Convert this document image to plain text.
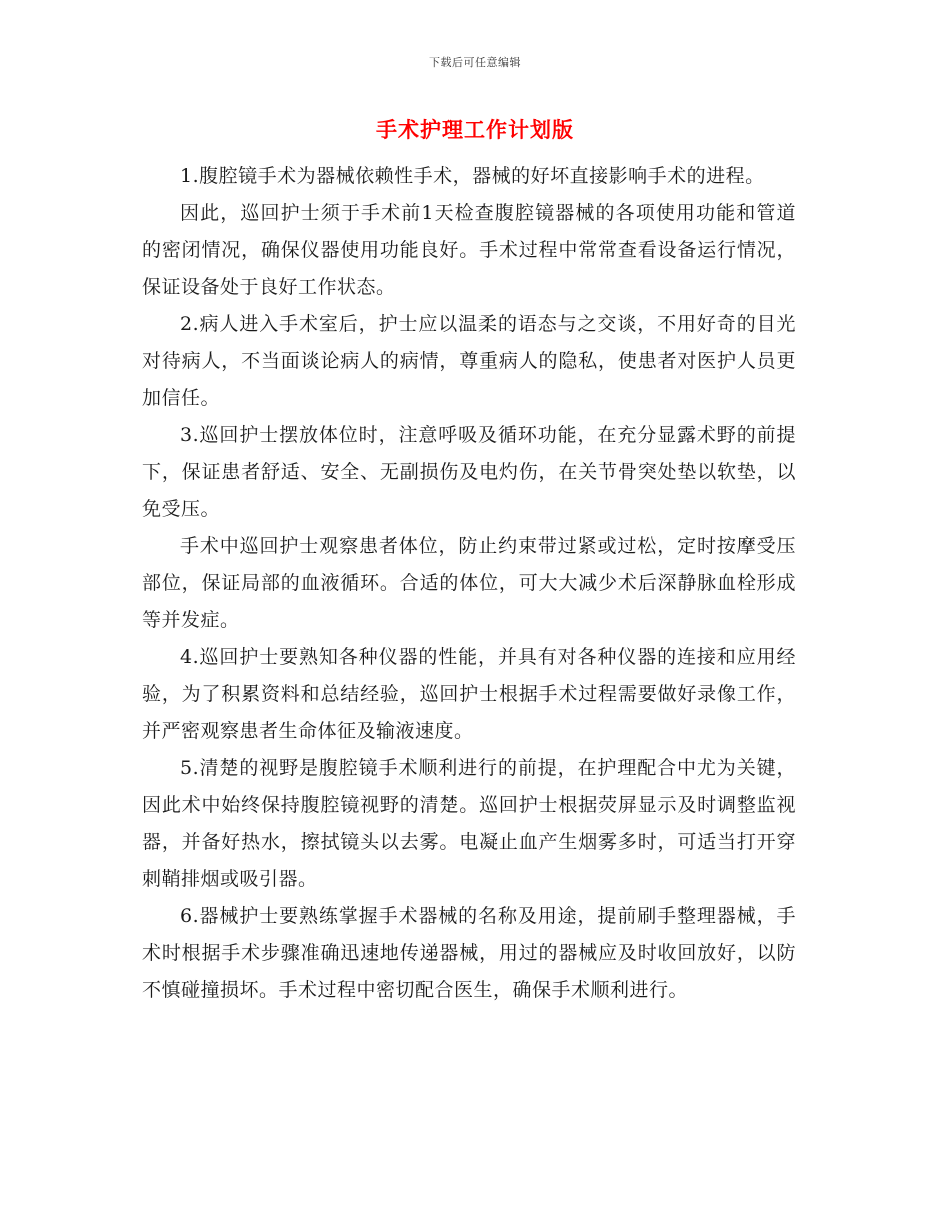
下载后可任意编辑
手术护理工作计划版

1.腹腔镜手术为器械依赖性手术，器械的好坏直接影响手术的进程。

因此，巡回护士须于手术前1天检查腹腔镜器械的各项使用功能和管道的密闭情况，确保仪器使用功能良好。手术过程中常常查看设备运行情况，保证设备处于良好工作状态。

2.病人进入手术室后，护士应以温柔的语态与之交谈，不用好奇的目光对待病人，不当面谈论病人的病情，尊重病人的隐私，使患者对医护人员更加信任。

3.巡回护士摆放体位时，注意呼吸及循环功能，在充分显露术野的前提下，保证患者舒适、安全、无副损伤及电灼伤，在关节骨突处垫以软垫，以免受压。

手术中巡回护士观察患者体位，防止约束带过紧或过松，定时按摩受压部位，保证局部的血液循环。合适的体位，可大大减少术后深静脉血栓形成等并发症。

4.巡回护士要熟知各种仪器的性能，并具有对各种仪器的连接和应用经验，为了积累资料和总结经验，巡回护士根据手术过程需要做好录像工作，并严密观察患者生命体征及输液速度。

5.清楚的视野是腹腔镜手术顺利进行的前提，在护理配合中尤为关键，因此术中始终保持腹腔镜视野的清楚。巡回护士根据荧屏显示及时调整监视器，并备好热水，擦拭镜头以去雾。电凝止血产生烟雾多时，可适当打开穿刺鞘排烟或吸引器。

6.器械护士要熟练掌握手术器械的名称及用途，提前刷手整理器械，手术时根据手术步骤准确迅速地传递器械，用过的器械应及时收回放好，以防不慎碰撞损坏。手术过程中密切配合医生，确保手术顺利进行。
